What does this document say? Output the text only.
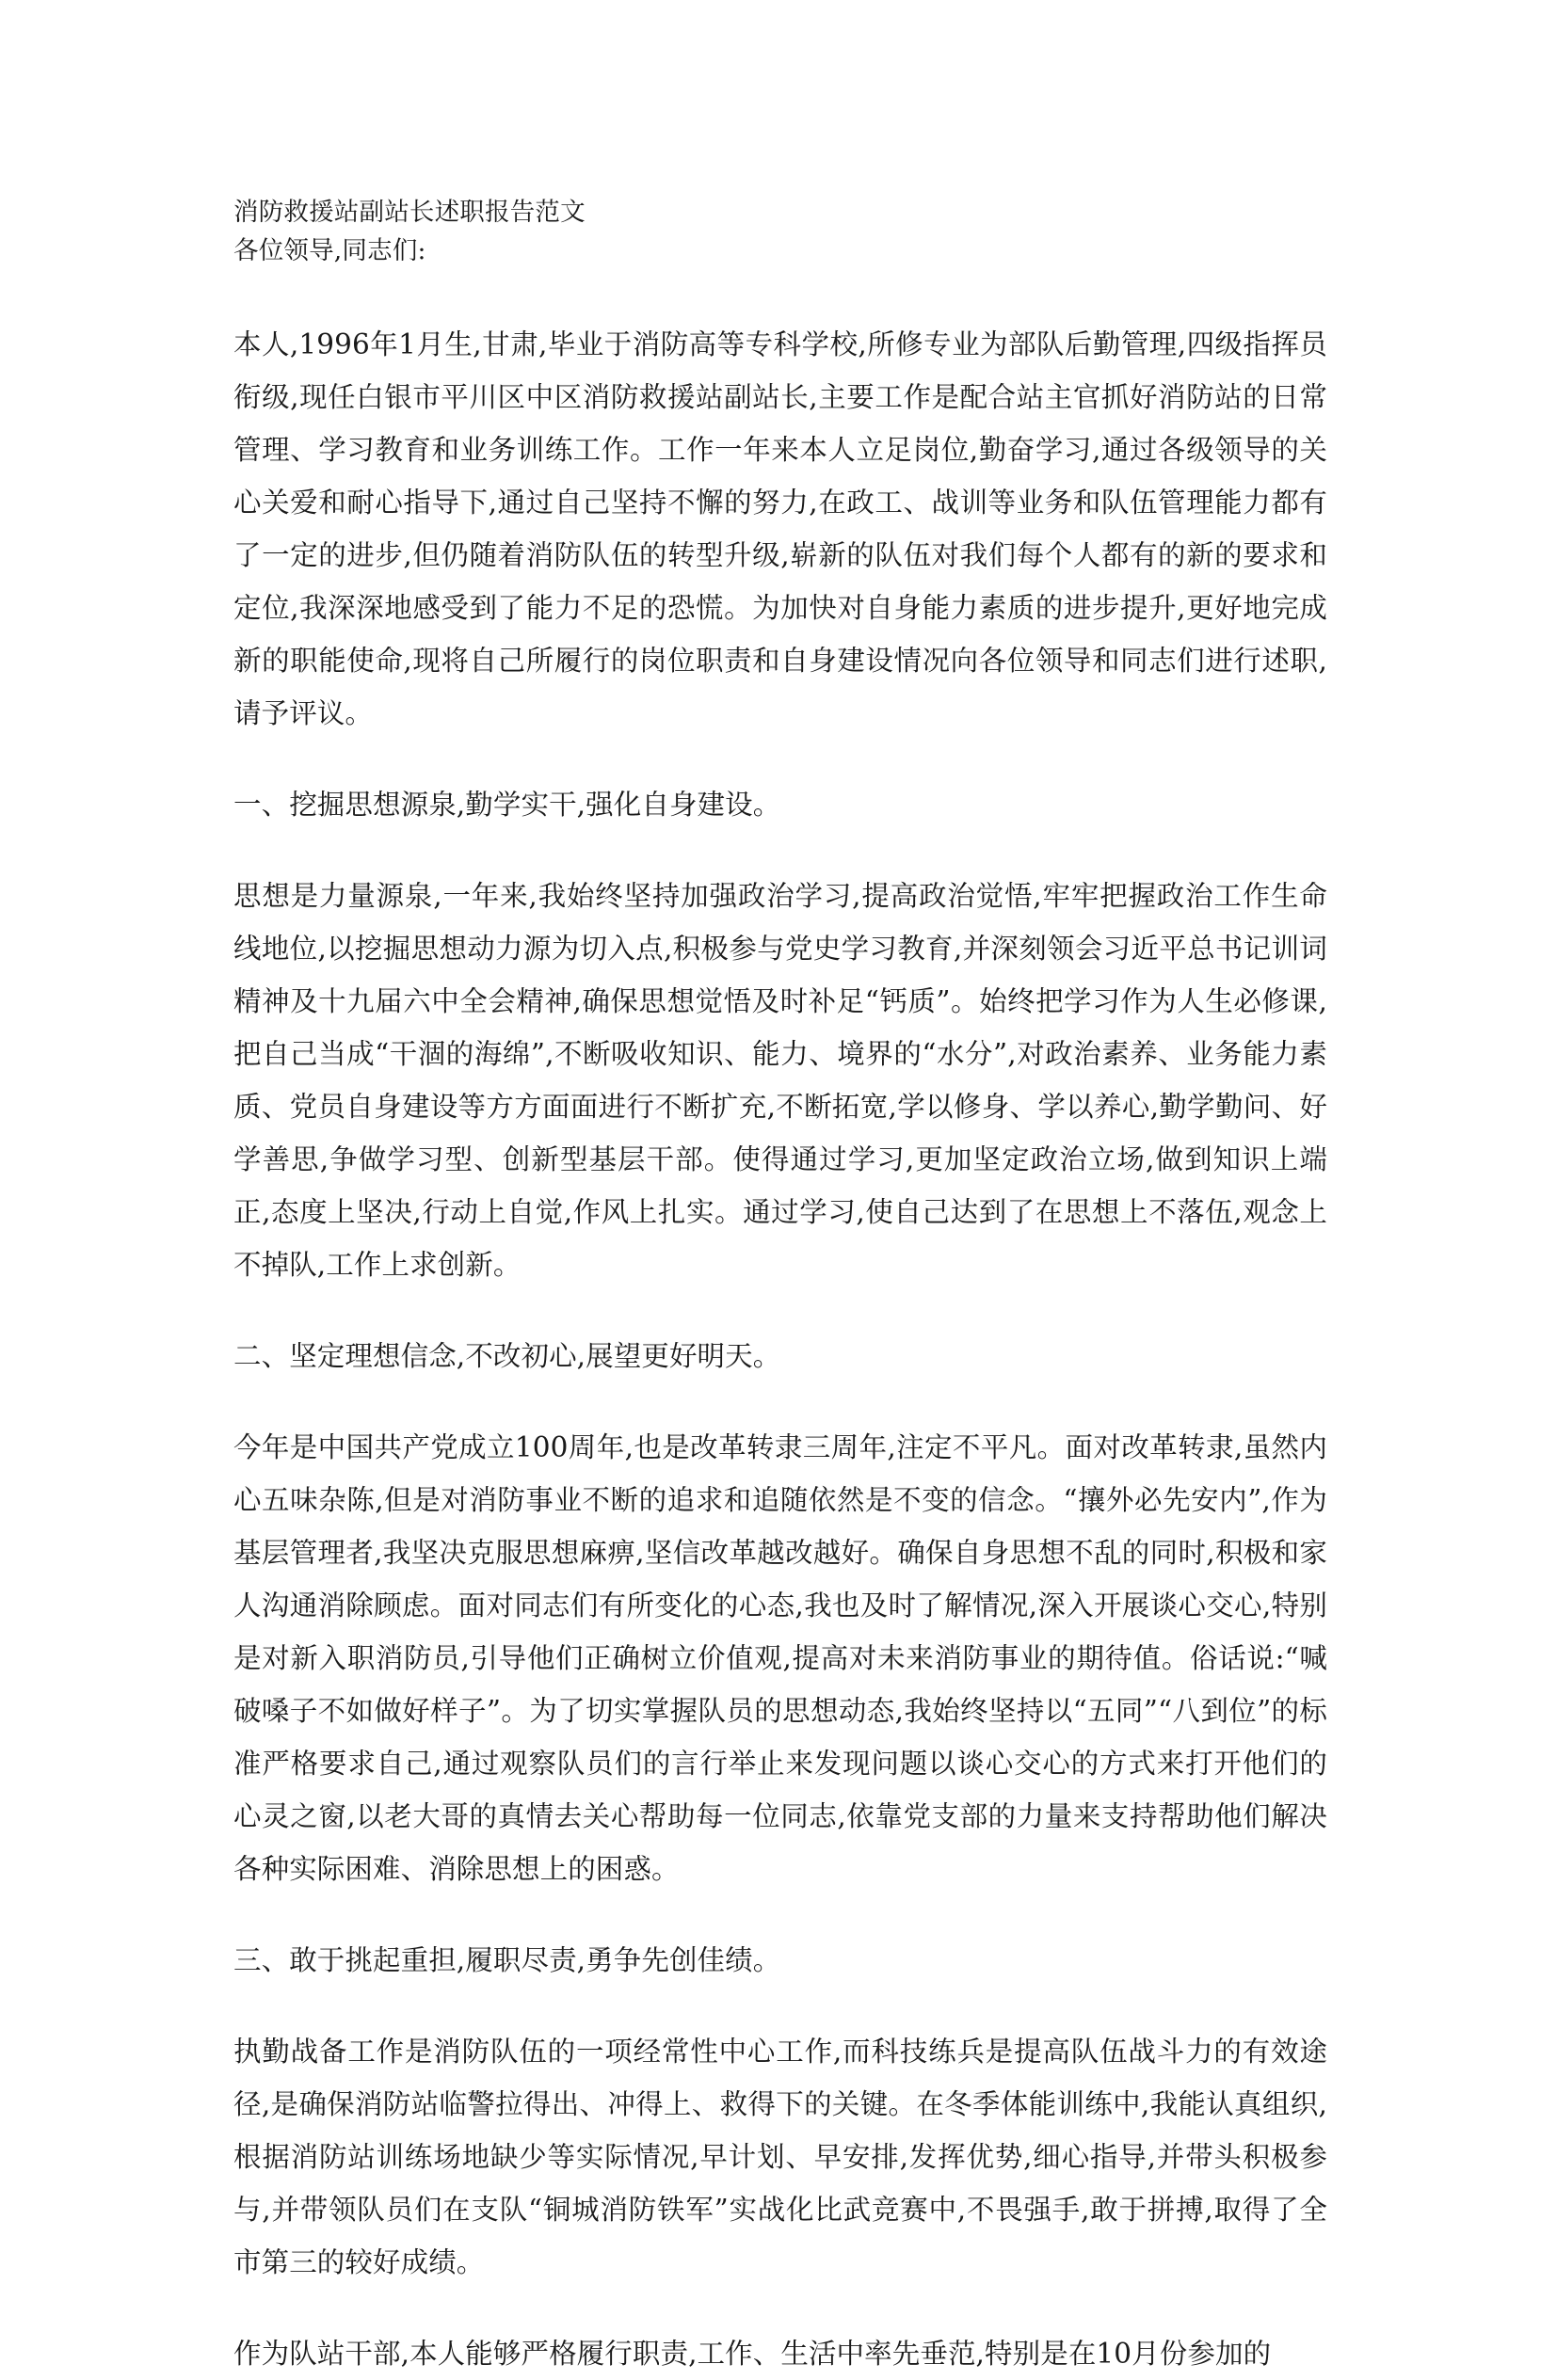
消防救援站副站长述职报告范文
各位领导,同志们:

本人,1996年1月生,甘肃,毕业于消防高等专科学校,所修专业为部队后勤管理,四级指挥员衔级,现任白银市平川区中区消防救援站副站长,主要工作是配合站主官抓好消防站的日常管理、学习教育和业务训练工作。工作一年来本人立足岗位,勤奋学习,通过各级领导的关心关爱和耐心指导下,通过自己坚持不懈的努力,在政工、战训等业务和队伍管理能力都有了一定的进步,但仍随着消防队伍的转型升级,崭新的队伍对我们每个人都有的新的要求和定位,我深深地感受到了能力不足的恐慌。为加快对自身能力素质的进步提升,更好地完成新的职能使命,现将自己所履行的岗位职责和自身建设情况向各位领导和同志们进行述职,请予评议。

一、挖掘思想源泉,勤学实干,强化自身建设。

思想是力量源泉,一年来,我始终坚持加强政治学习,提高政治觉悟,牢牢把握政治工作生命线地位,以挖掘思想动力源为切入点,积极参与党史学习教育,并深刻领会习近平总书记训词精神及十九届六中全会精神,确保思想觉悟及时补足“钙质”。始终把学习作为人生必修课,把自己当成“干涸的海绵”,不断吸收知识、能力、境界的“水分”,对政治素养、业务能力素质、党员自身建设等方方面面进行不断扩充,不断拓宽,学以修身、学以养心,勤学勤问、好学善思,争做学习型、创新型基层干部。使得通过学习,更加坚定政治立场,做到知识上端正,态度上坚决,行动上自觉,作风上扎实。通过学习,使自己达到了在思想上不落伍,观念上不掉队,工作上求创新。

二、坚定理想信念,不改初心,展望更好明天。

今年是中国共产党成立100周年,也是改革转隶三周年,注定不平凡。面对改革转隶,虽然内心五味杂陈,但是对消防事业不断的追求和追随依然是不变的信念。“攘外必先安内”,作为基层管理者,我坚决克服思想麻痹,坚信改革越改越好。确保自身思想不乱的同时,积极和家人沟通消除顾虑。面对同志们有所变化的心态,我也及时了解情况,深入开展谈心交心,特别是对新入职消防员,引导他们正确树立价值观,提高对未来消防事业的期待值。俗话说:“喊破嗓子不如做好样子”。为了切实掌握队员的思想动态,我始终坚持以“五同”“八到位”的标准严格要求自己,通过观察队员们的言行举止来发现问题以谈心交心的方式来打开他们的心灵之窗,以老大哥的真情去关心帮助每一位同志,依靠党支部的力量来支持帮助他们解决各种实际困难、消除思想上的困惑。

三、敢于挑起重担,履职尽责,勇争先创佳绩。

执勤战备工作是消防队伍的一项经常性中心工作,而科技练兵是提高队伍战斗力的有效途径,是确保消防站临警拉得出、冲得上、救得下的关键。在冬季体能训练中,我能认真组织,根据消防站训练场地缺少等实际情况,早计划、早安排,发挥优势,细心指导,并带头积极参与,并带领队员们在支队“铜城消防铁军”实战化比武竞赛中,不畏强手,敢于拼搏,取得了全市第三的较好成绩。

作为队站干部,本人能够严格履行职责,工作、生活中率先垂范,特别是在10月份参加的
